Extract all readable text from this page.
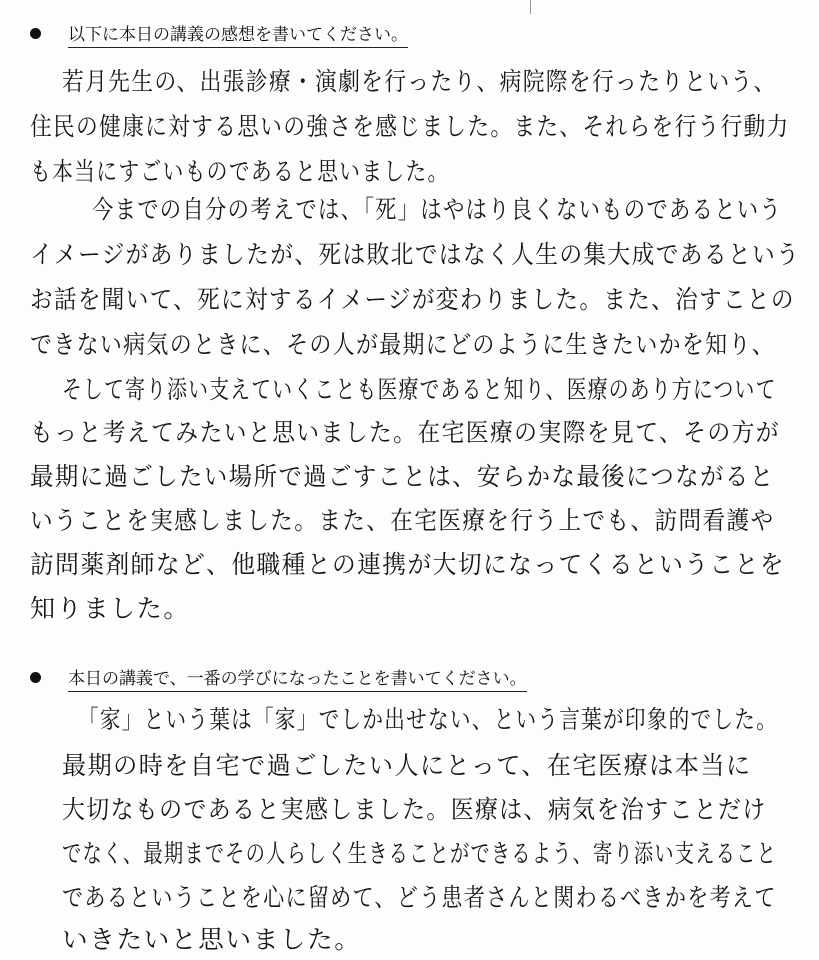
以下に本日の講義の感想を書いてください。
若月先生の、出張診療・演劇を行ったり、病院際を行ったりという、
住民の健康に対する思いの強さを感じました。また、それらを行う行動力
も本当にすごいものであると思いました。
今までの自分の考えでは、「死」はやはり良くないものであるという
イメージがありましたが、死は敗北ではなく人生の集大成であるという
お話を聞いて、死に対するイメージが変わりました。また、治すことの
できない病気のときに、その人が最期にどのように生きたいかを知り、
そして寄り添い支えていくことも医療であると知り、医療のあり方について
もっと考えてみたいと思いました。在宅医療の実際を見て、その方が
最期に過ごしたい場所で過ごすことは、安らかな最後につながると
いうことを実感しました。また、在宅医療を行う上でも、訪問看護や
訪問薬剤師など、他職種との連携が大切になってくるということを
知りました。
本日の講義で、一番の学びになったことを書いてください。
「家」という葉は「家」でしか出せない、という言葉が印象的でした。
最期の時を自宅で過ごしたい人にとって、在宅医療は本当に
大切なものであると実感しました。医療は、病気を治すことだけ
でなく、最期までその人らしく生きることができるよう、寄り添い支えること
であるということを心に留めて、どう患者さんと関わるべきかを考えて
いきたいと思いました。
